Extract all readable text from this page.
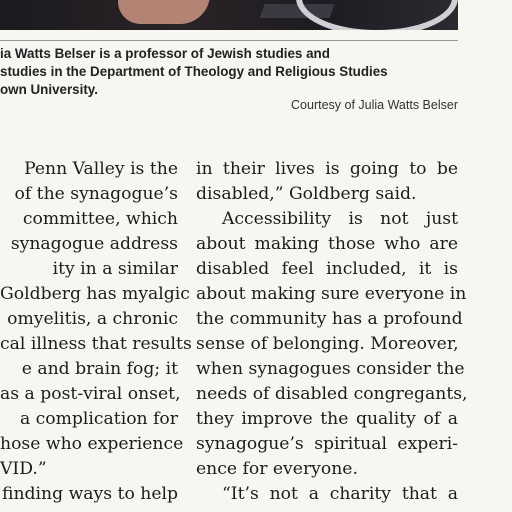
ia Watts Belser is a professor of Jewish studies and
studies in the Department of Theology and Religious Studies
own University.
Courtesy of Julia Watts Belser
Penn Valley is the
of the synagogue’s
committee, which
synagogue address
ity in a similar
Goldberg has myalgic
omyelitis, a chronic
cal illness that results
e and brain fog; it
as a post-viral onset,
a complication for
hose who experience
VID.”
finding ways to help
in their lives is going to be
disabled,” Goldberg said.
Accessibility is not just
about making those who are
disabled feel included, it is
about making sure everyone in
the community has a profound
sense of belonging. Moreover,
when synagogues consider the
needs of disabled congregants,
they improve the quality of a
synagogue’s spiritual experi-
ence for everyone.
“It’s not a charity that a
